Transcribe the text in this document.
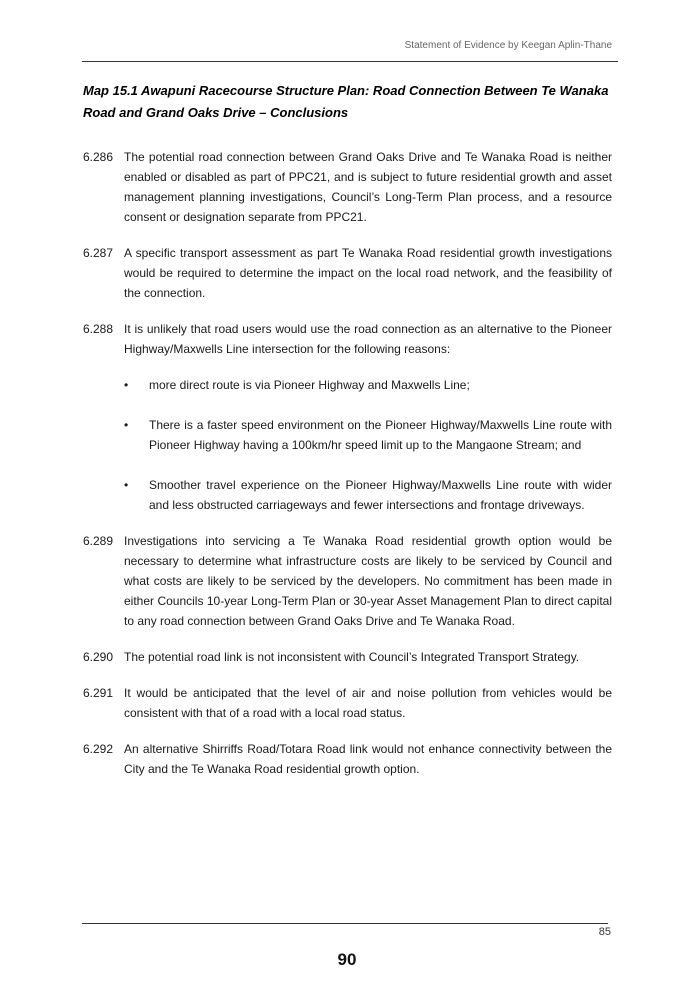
Statement of Evidence by Keegan Aplin-Thane
Map 15.1 Awapuni Racecourse Structure Plan: Road Connection Between Te Wanaka Road and Grand Oaks Drive – Conclusions
6.286 The potential road connection between Grand Oaks Drive and Te Wanaka Road is neither enabled or disabled as part of PPC21, and is subject to future residential growth and asset management planning investigations, Council’s Long-Term Plan process, and a resource consent or designation separate from PPC21.
6.287 A specific transport assessment as part Te Wanaka Road residential growth investigations would be required to determine the impact on the local road network, and the feasibility of the connection.
6.288 It is unlikely that road users would use the road connection as an alternative to the Pioneer Highway/Maxwells Line intersection for the following reasons:
•	more direct route is via Pioneer Highway and Maxwells Line;
•	There is a faster speed environment on the Pioneer Highway/Maxwells Line route with Pioneer Highway having a 100km/hr speed limit up to the Mangaone Stream; and
•	Smoother travel experience on the Pioneer Highway/Maxwells Line route with wider and less obstructed carriageways and fewer intersections and frontage driveways.
6.289 Investigations into servicing a Te Wanaka Road residential growth option would be necessary to determine what infrastructure costs are likely to be serviced by Council and what costs are likely to be serviced by the developers. No commitment has been made in either Councils 10-year Long-Term Plan or 30-year Asset Management Plan to direct capital to any road connection between Grand Oaks Drive and Te Wanaka Road.
6.290 The potential road link is not inconsistent with Council’s Integrated Transport Strategy.
6.291 It would be anticipated that the level of air and noise pollution from vehicles would be consistent with that of a road with a local road status.
6.292 An alternative Shirriffs Road/Totara Road link would not enhance connectivity between the City and the Te Wanaka Road residential growth option.
85
90
